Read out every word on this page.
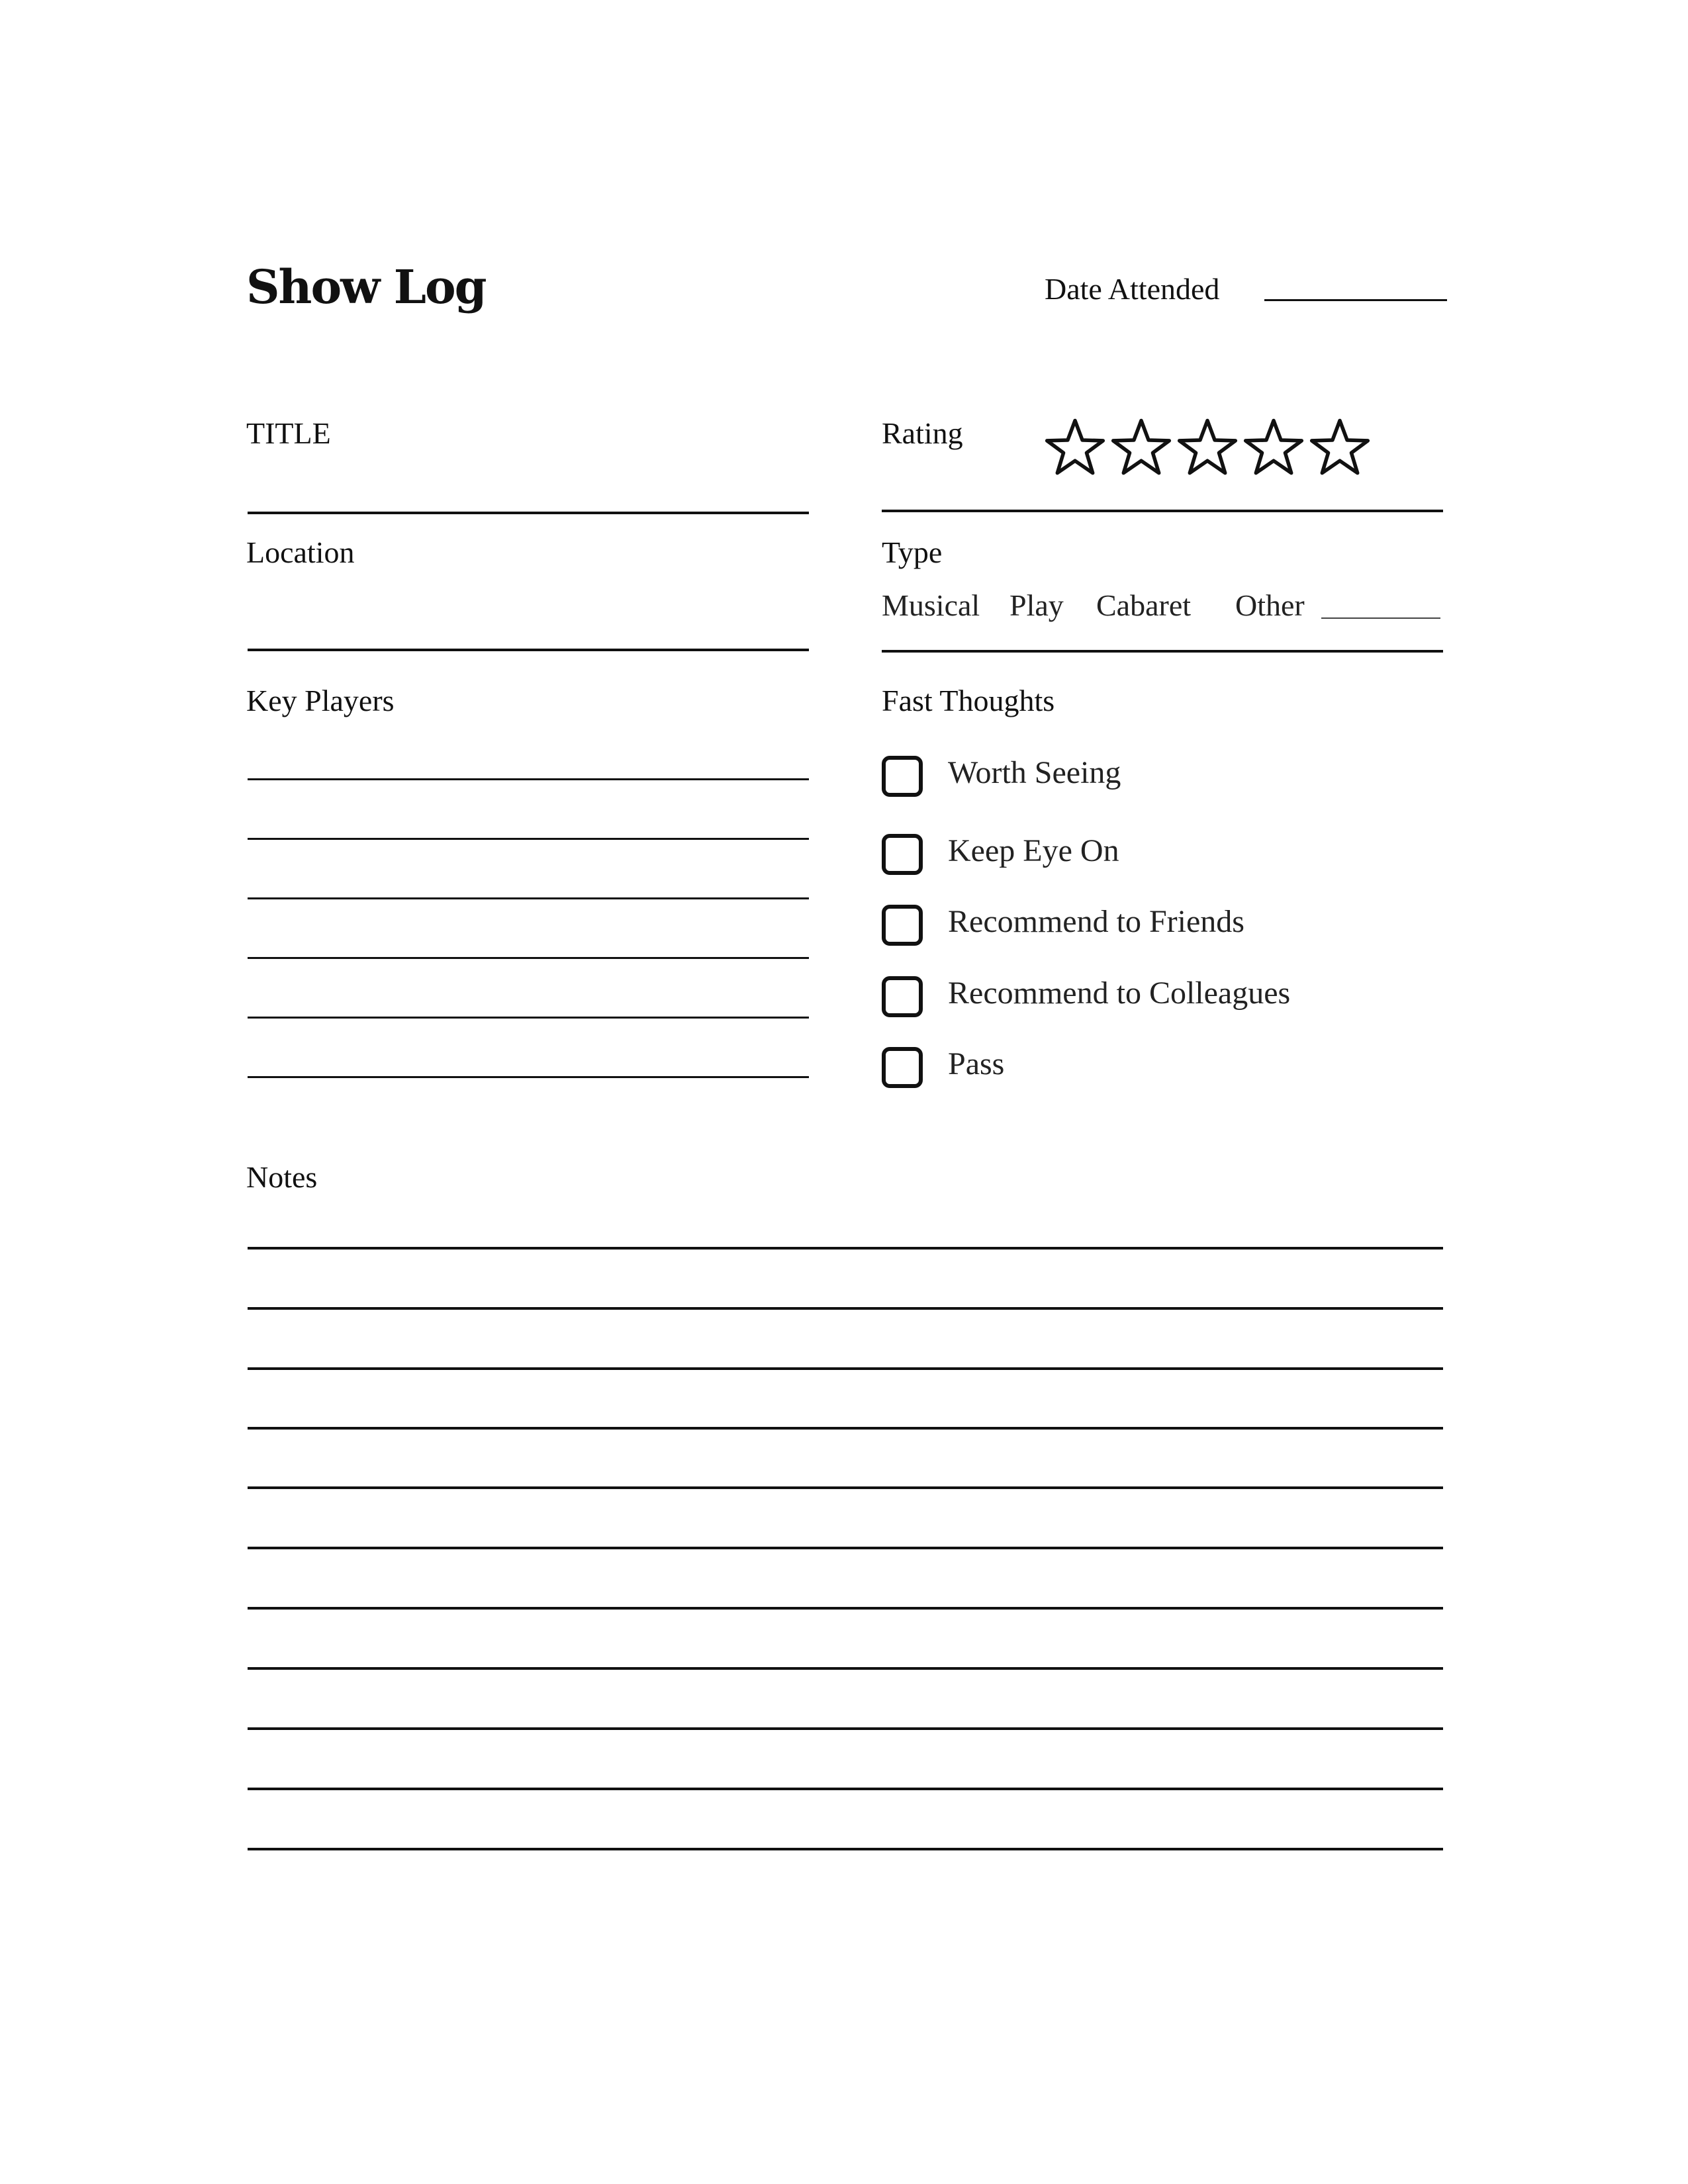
Show Log	Date Attended
TITLE	Rating
Location	Type
Musical Play Cabaret Other
Key Players	Fast Thoughts
Worth Seeing
Keep Eye On
Recommend to Friends
Recommend to Colleagues
Pass
Notes
